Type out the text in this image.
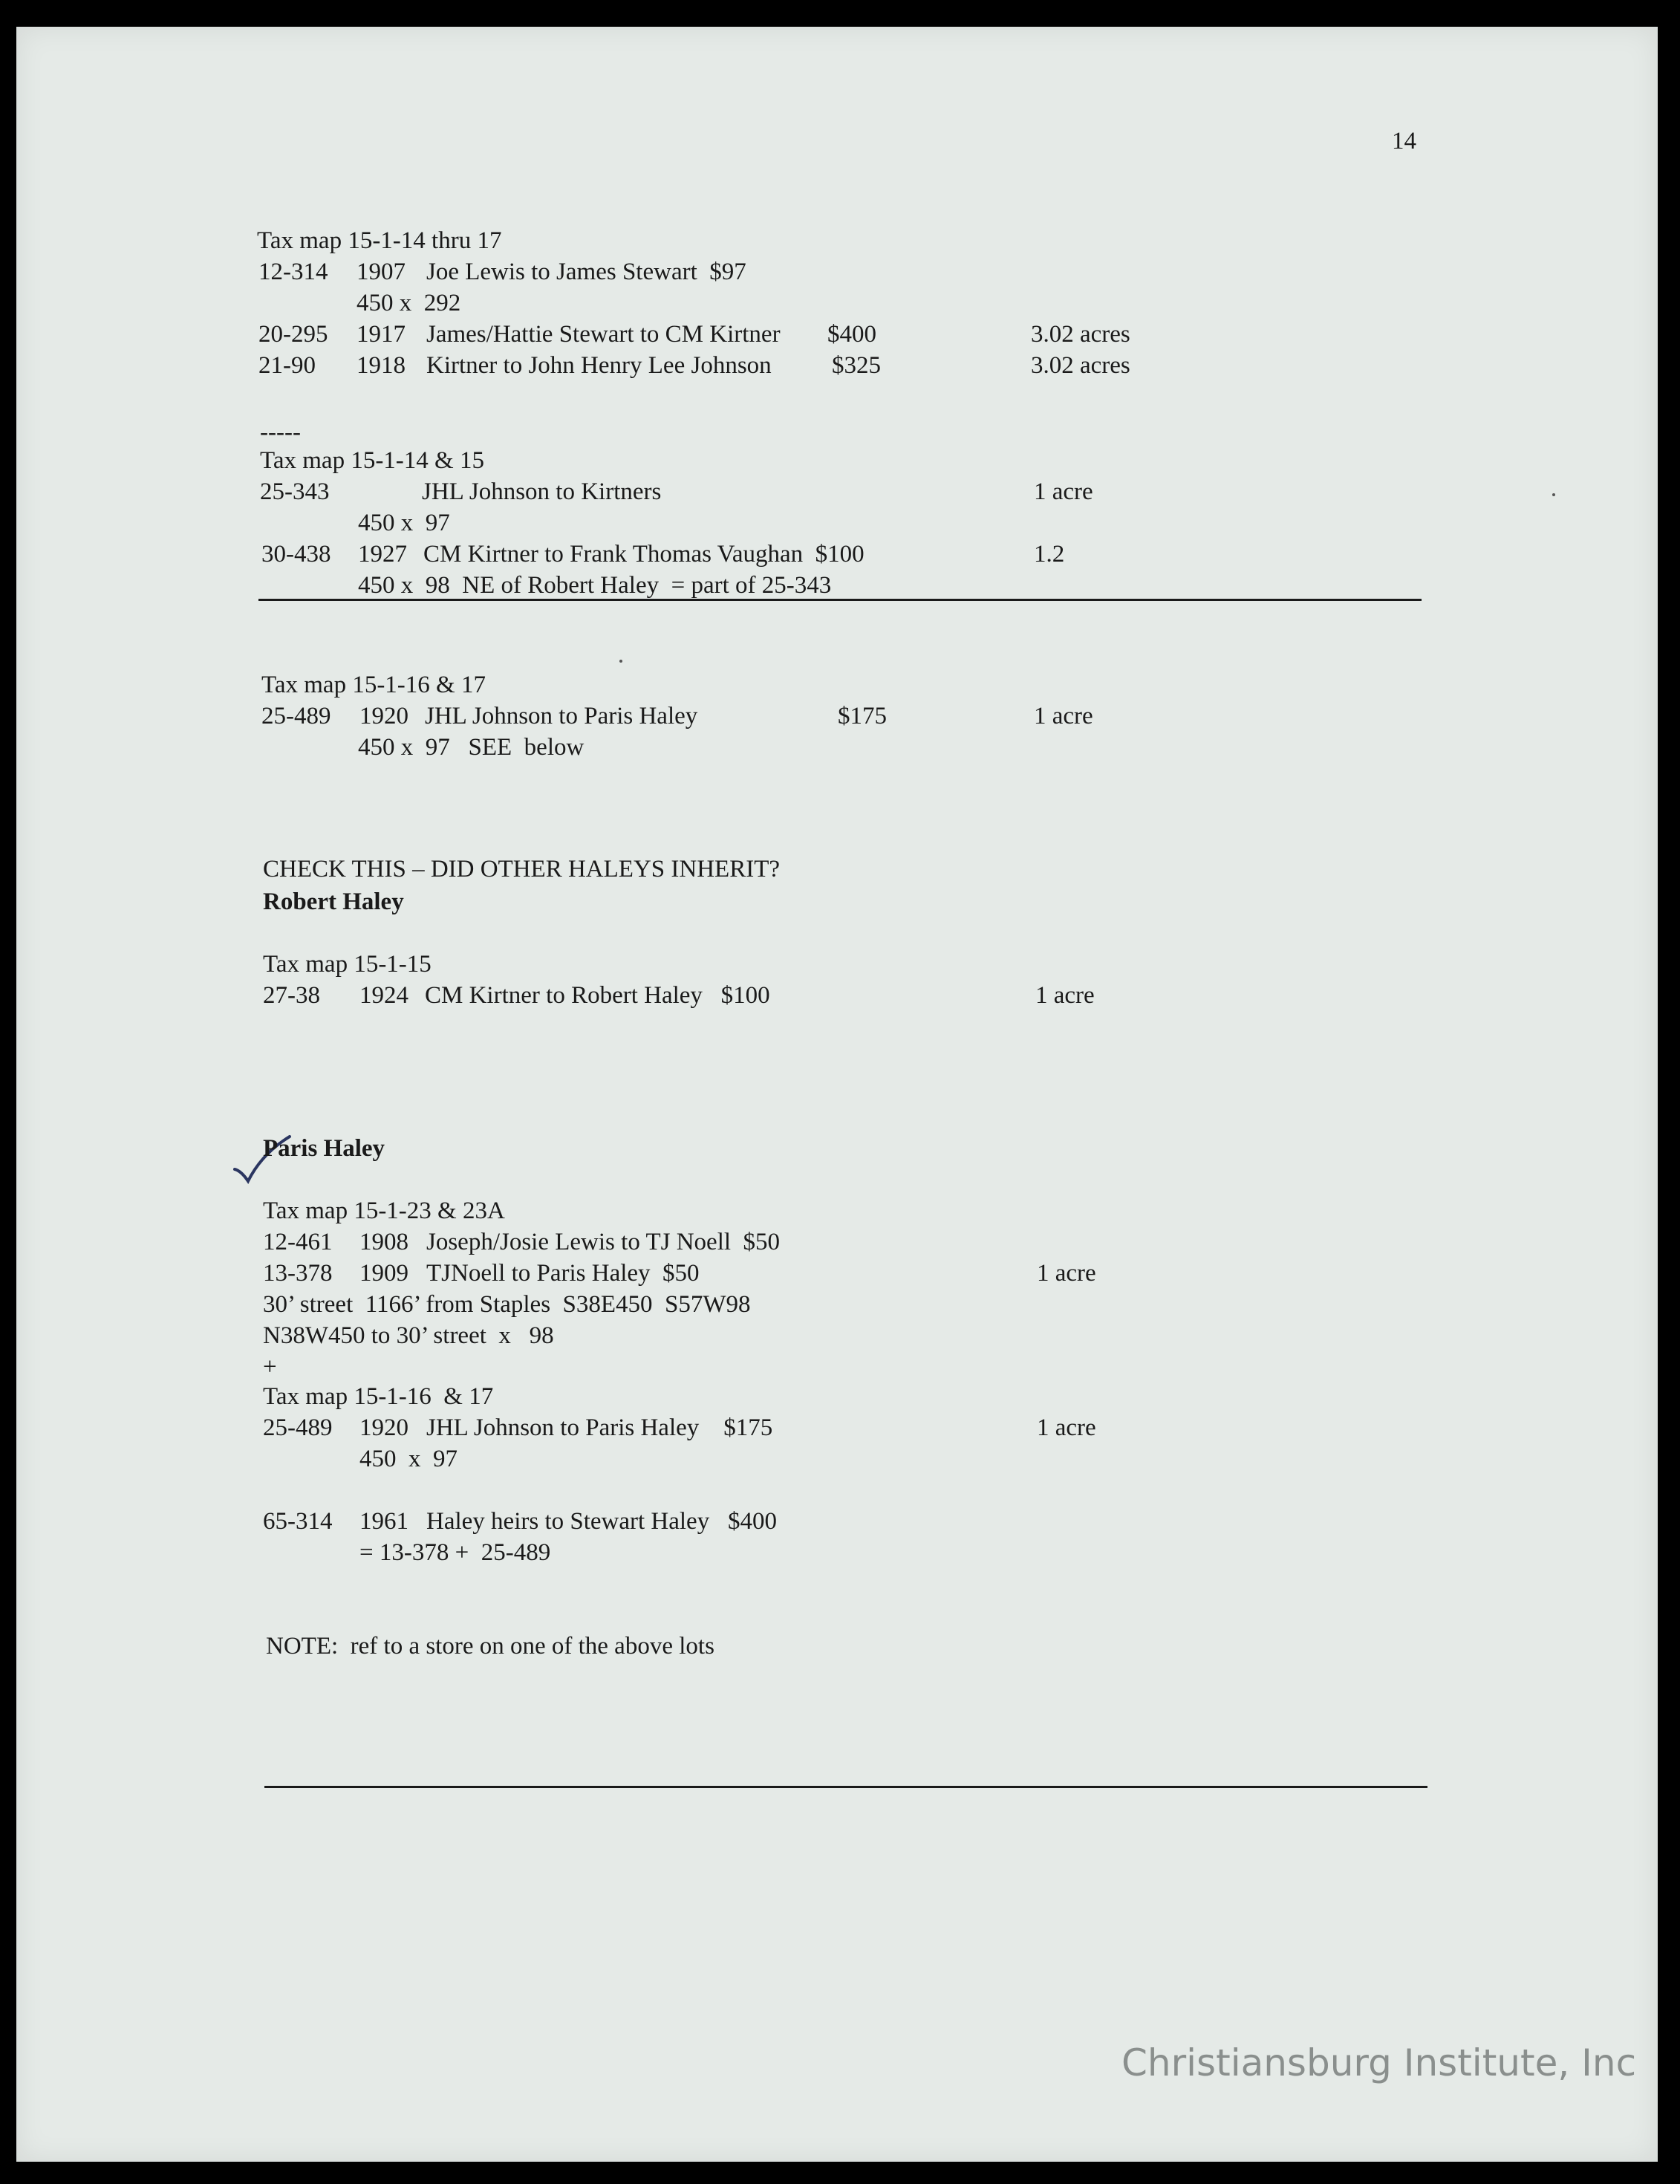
14
Tax map 15-1-14 thru 17
12-314 1907 Joe Lewis to James Stewart  $97
450 x  292
20-295 1917 James/Hattie Stewart to CM Kirtner $400	3.02 acres
21-90 1918 Kirtner to John Henry Lee Johnson $325	3.02 acres
-----
Tax map 15-1-14 & 15
25-343	JHL Johnson to Kirtners	1 acre
450 x  97
30-438 1927 CM Kirtner to Frank Thomas Vaughan  $100	1.2
450 x  98  NE of Robert Haley  = part of 25-343
Tax map 15-1-16 & 17
25-489 1920 JHL Johnson to Paris Haley	$175	1 acre
450 x  97   SEE  below
CHECK THIS – DID OTHER HALEYS INHERIT?
Robert Haley
Tax map 15-1-15
27-38 1924 CM Kirtner to Robert Haley   $100	1 acre
Paris Haley
Tax map 15-1-23 & 23A
12-461 1908 Joseph/Josie Lewis to TJ Noell  $50
13-378 1909 TJNoell to Paris Haley  $50	1 acre
30’ street  1166’ from Staples  S38E450  S57W98
N38W450 to 30’ street  x   98
+
Tax map 15-1-16  & 17
25-489 1920 JHL Johnson to Paris Haley    $175	1 acre
450  x  97
65-314 1961 Haley heirs to Stewart Haley   $400
= 13-378 +  25-489
NOTE:  ref to a store on one of the above lots
Christiansburg Institute, Inc
